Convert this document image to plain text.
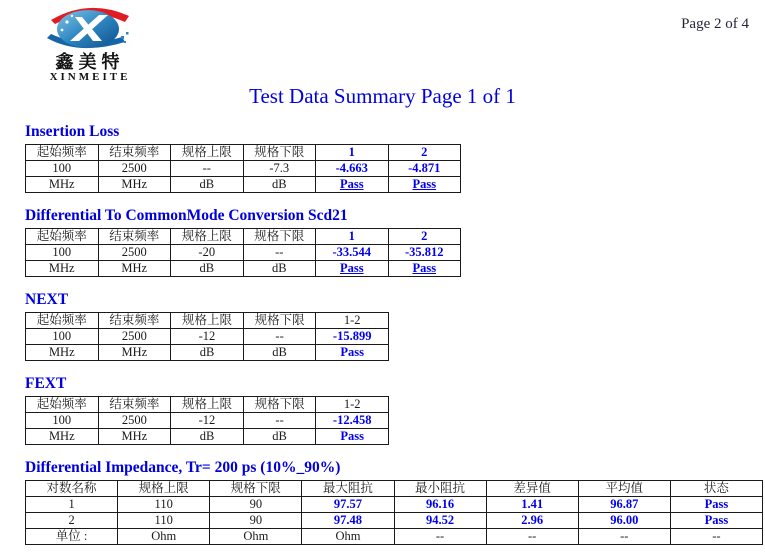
鑫美特
XINMEITE
Page 2 of 4
Test Data Summary Page 1 of 1
Insertion Loss
起始频率	结束频率	规格上限	规格下限	1	2
100	2500	--	-7.3	-4.663	-4.871
MHz	MHz	dB	dB	Pass	Pass
Differential To CommonMode Conversion Scd21
起始频率	结束频率	规格上限	规格下限	1	2
100	2500	-20	--	-33.544	-35.812
MHz	MHz	dB	dB	Pass	Pass
NEXT
起始频率	结束频率	规格上限	规格下限	1-2
100	2500	-12	--	-15.899
MHz	MHz	dB	dB	Pass
FEXT
起始频率	结束频率	规格上限	规格下限	1-2
100	2500	-12	--	-12.458
MHz	MHz	dB	dB	Pass
Differential Impedance, Tr= 200 ps (10%_90%)
对数名称	规格上限	规格下限	最大阻抗	最小阻抗	差异值	平均值	状态
1	110	90	97.57	96.16	1.41	96.87	Pass
2	110	90	97.48	94.52	2.96	96.00	Pass
单位 :	Ohm	Ohm	Ohm	--	--	--	--
